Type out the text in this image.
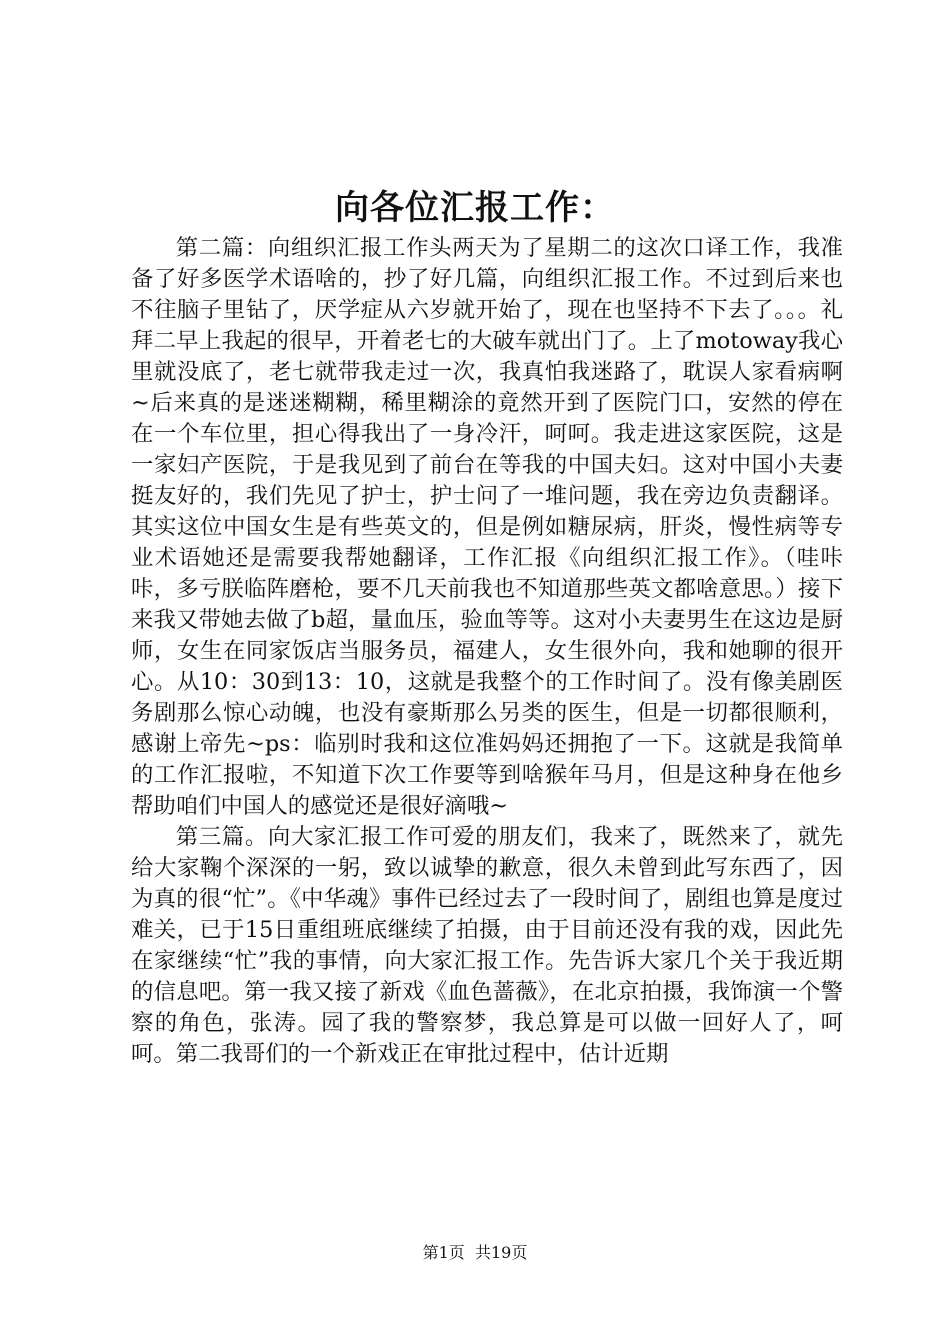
向各位汇报工作：

第二篇：向组织汇报工作头两天为了星期二的这次口译工作，我准备了好多医学术语啥的，抄了好几篇，向组织汇报工作。不过到后来也不往脑子里钻了，厌学症从六岁就开始了，现在也坚持不下去了。。。礼拜二早上我起的很早，开着老七的大破车就出门了。上了motoway我心里就没底了，老七就带我走过一次，我真怕我迷路了，耽误人家看病啊~后来真的是迷迷糊糊，稀里糊涂的竟然开到了医院门口，安然的停在在一个车位里，担心得我出了一身冷汗，呵呵。我走进这家医院，这是一家妇产医院，于是我见到了前台在等我的中国夫妇。这对中国小夫妻挺友好的，我们先见了护士，护士问了一堆问题，我在旁边负责翻译。其实这位中国女生是有些英文的，但是例如糖尿病，肝炎，慢性病等专业术语她还是需要我帮她翻译，工作汇报《向组织汇报工作》。（哇咔咔，多亏朕临阵磨枪，要不几天前我也不知道那些英文都啥意思。）接下来我又带她去做了b超，量血压，验血等等。这对小夫妻男生在这边是厨师，女生在同家饭店当服务员，福建人，女生很外向，我和她聊的很开心。从10：30到13：10，这就是我整个的工作时间了。没有像美剧医务剧那么惊心动魄，也没有豪斯那么另类的医生，但是一切都很顺利，感谢上帝先~ps：临别时我和这位准妈妈还拥抱了一下。这就是我简单的工作汇报啦，不知道下次工作要等到啥猴年马月，但是这种身在他乡帮助咱们中国人的感觉还是很好滴哦~

第三篇。向大家汇报工作可爱的朋友们，我来了，既然来了，就先给大家鞠个深深的一躬，致以诚挚的歉意，很久未曾到此写东西了，因为真的很“忙”。《中华魂》事件已经过去了一段时间了，剧组也算是度过难关，已于15日重组班底继续了拍摄，由于目前还没有我的戏，因此先在家继续“忙”我的事情，向大家汇报工作。先告诉大家几个关于我近期的信息吧。第一我又接了新戏《血色蔷薇》，在北京拍摄，我饰演一个警察的角色，张涛。园了我的警察梦，我总算是可以做一回好人了，呵呵。第二我哥们的一个新戏正在审批过程中，估计近期

第1页 共19页
